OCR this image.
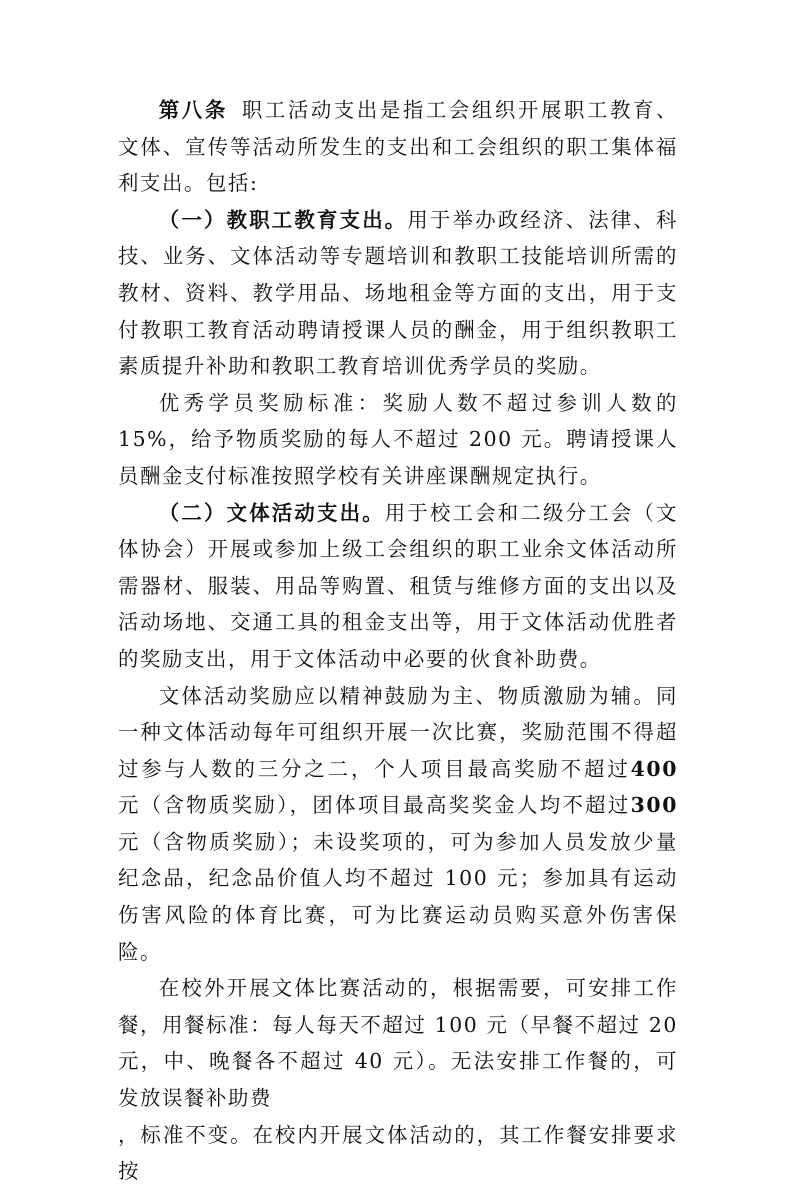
第八条 职工活动支出是指工会组织开展职工教育、文体、宣传等活动所发生的支出和工会组织的职工集体福利支出。包括:

（一）教职工教育支出。用于举办政经济、法律、科技、业务、文体活动等专题培训和教职工技能培训所需的教材、资料、教学用品、场地租金等方面的支出，用于支付教职工教育活动聘请授课人员的酬金，用于组织教职工素质提升补助和教职工教育培训优秀学员的奖励。

优秀学员奖励标准：奖励人数不超过参训人数的 15%，给予物质奖励的每人不超过 200 元。聘请授课人员酬金支付标准按照学校有关讲座课酬规定执行。

（二）文体活动支出。用于校工会和二级分工会（文体协会）开展或参加上级工会组织的职工业余文体活动所需器材、服装、用品等购置、租赁与维修方面的支出以及活动场地、交通工具的租金支出等，用于文体活动优胜者的奖励支出，用于文体活动中必要的伙食补助费。

文体活动奖励应以精神鼓励为主、物质激励为辅。同一种文体活动每年可组织开展一次比赛，奖励范围不得超过参与人数的三分之二，个人项目最高奖励不超过400 元（含物质奖励），团体项目最高奖奖金人均不超过300 元（含物质奖励）；未设奖项的，可为参加人员发放少量纪念品，纪念品价值人均不超过 100 元；参加具有运动伤害风险的体育比赛，可为比赛运动员购买意外伤害保险。

在校外开展文体比赛活动的，根据需要，可安排工作餐，用餐标准：每人每天不超过 100 元（早餐不超过 20 元，中、晚餐各不超过 40 元）。无法安排工作餐的，可发放误餐补助费
，标准不变。在校内开展文体活动的，其工作餐安排要求按
